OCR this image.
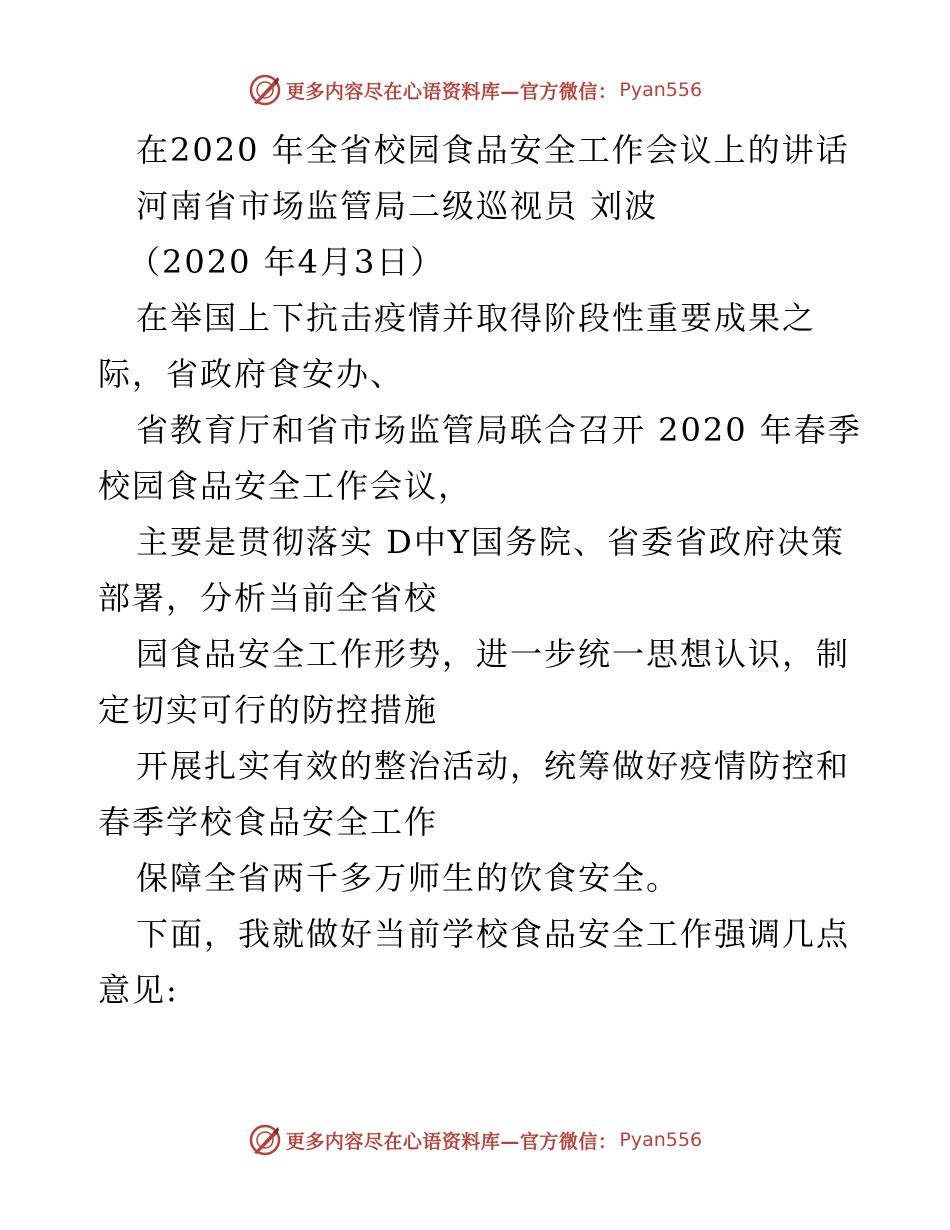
更多内容尽在心语资料库—官方微信： Pyan556
在2020 年全省校园食品安全工作会议上的讲话
河南省市场监管局二级巡视员 刘波
（2020 年4月3日）
在举国上下抗击疫情并取得阶段性重要成果之
际，省政府食安办、
省教育厅和省市场监管局联合召开 2020 年春季
校园食品安全工作会议，
主要是贯彻落实 D中Y国务院、省委省政府决策
部署，分析当前全省校
园食品安全工作形势，进一步统一思想认识，制
定切实可行的防控措施
开展扎实有效的整治活动，统筹做好疫情防控和
春季学校食品安全工作
保障全省两千多万师生的饮食安全。
下面，我就做好当前学校食品安全工作强调几点
意见:
更多内容尽在心语资料库—官方微信： Pyan556
